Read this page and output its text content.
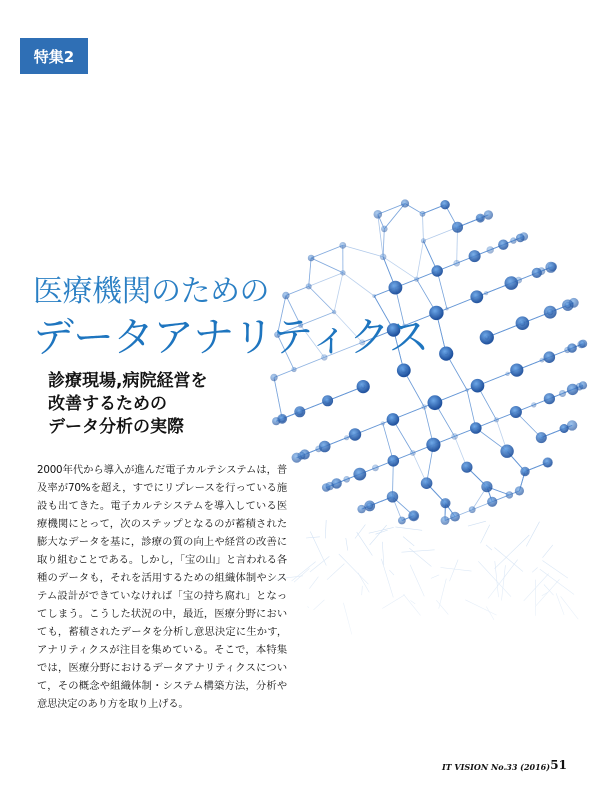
特集2
医療機関のための
データアナリティクス
診療現場,病院経営を
改善するための
データ分析の実際
2000年代から導入が進んだ電子カルテシステムは，普及率が70%を超え，すでにリプレースを行っている施設も出てきた。電子カルテシステムを導入している医療機関にとって，次のステップとなるのが蓄積された膨大なデータを基に，診療の質の向上や経営の改善に取り組むことである。しかし，「宝の山」と言われる各種のデータも，それを活用するための組織体制やシステム設計ができていなければ「宝の持ち腐れ」となってしまう。こうした状況の中，最近，医療分野においても，蓄積されたデータを分析し意思決定に生かす，アナリティクスが注目を集めている。そこで，本特集では，医療分野におけるデータアナリティクスについて，その概念や組織体制・システム構築方法，分析や意思決定のあり方を取り上げる。
IT VISION No.33 (2016) 51
